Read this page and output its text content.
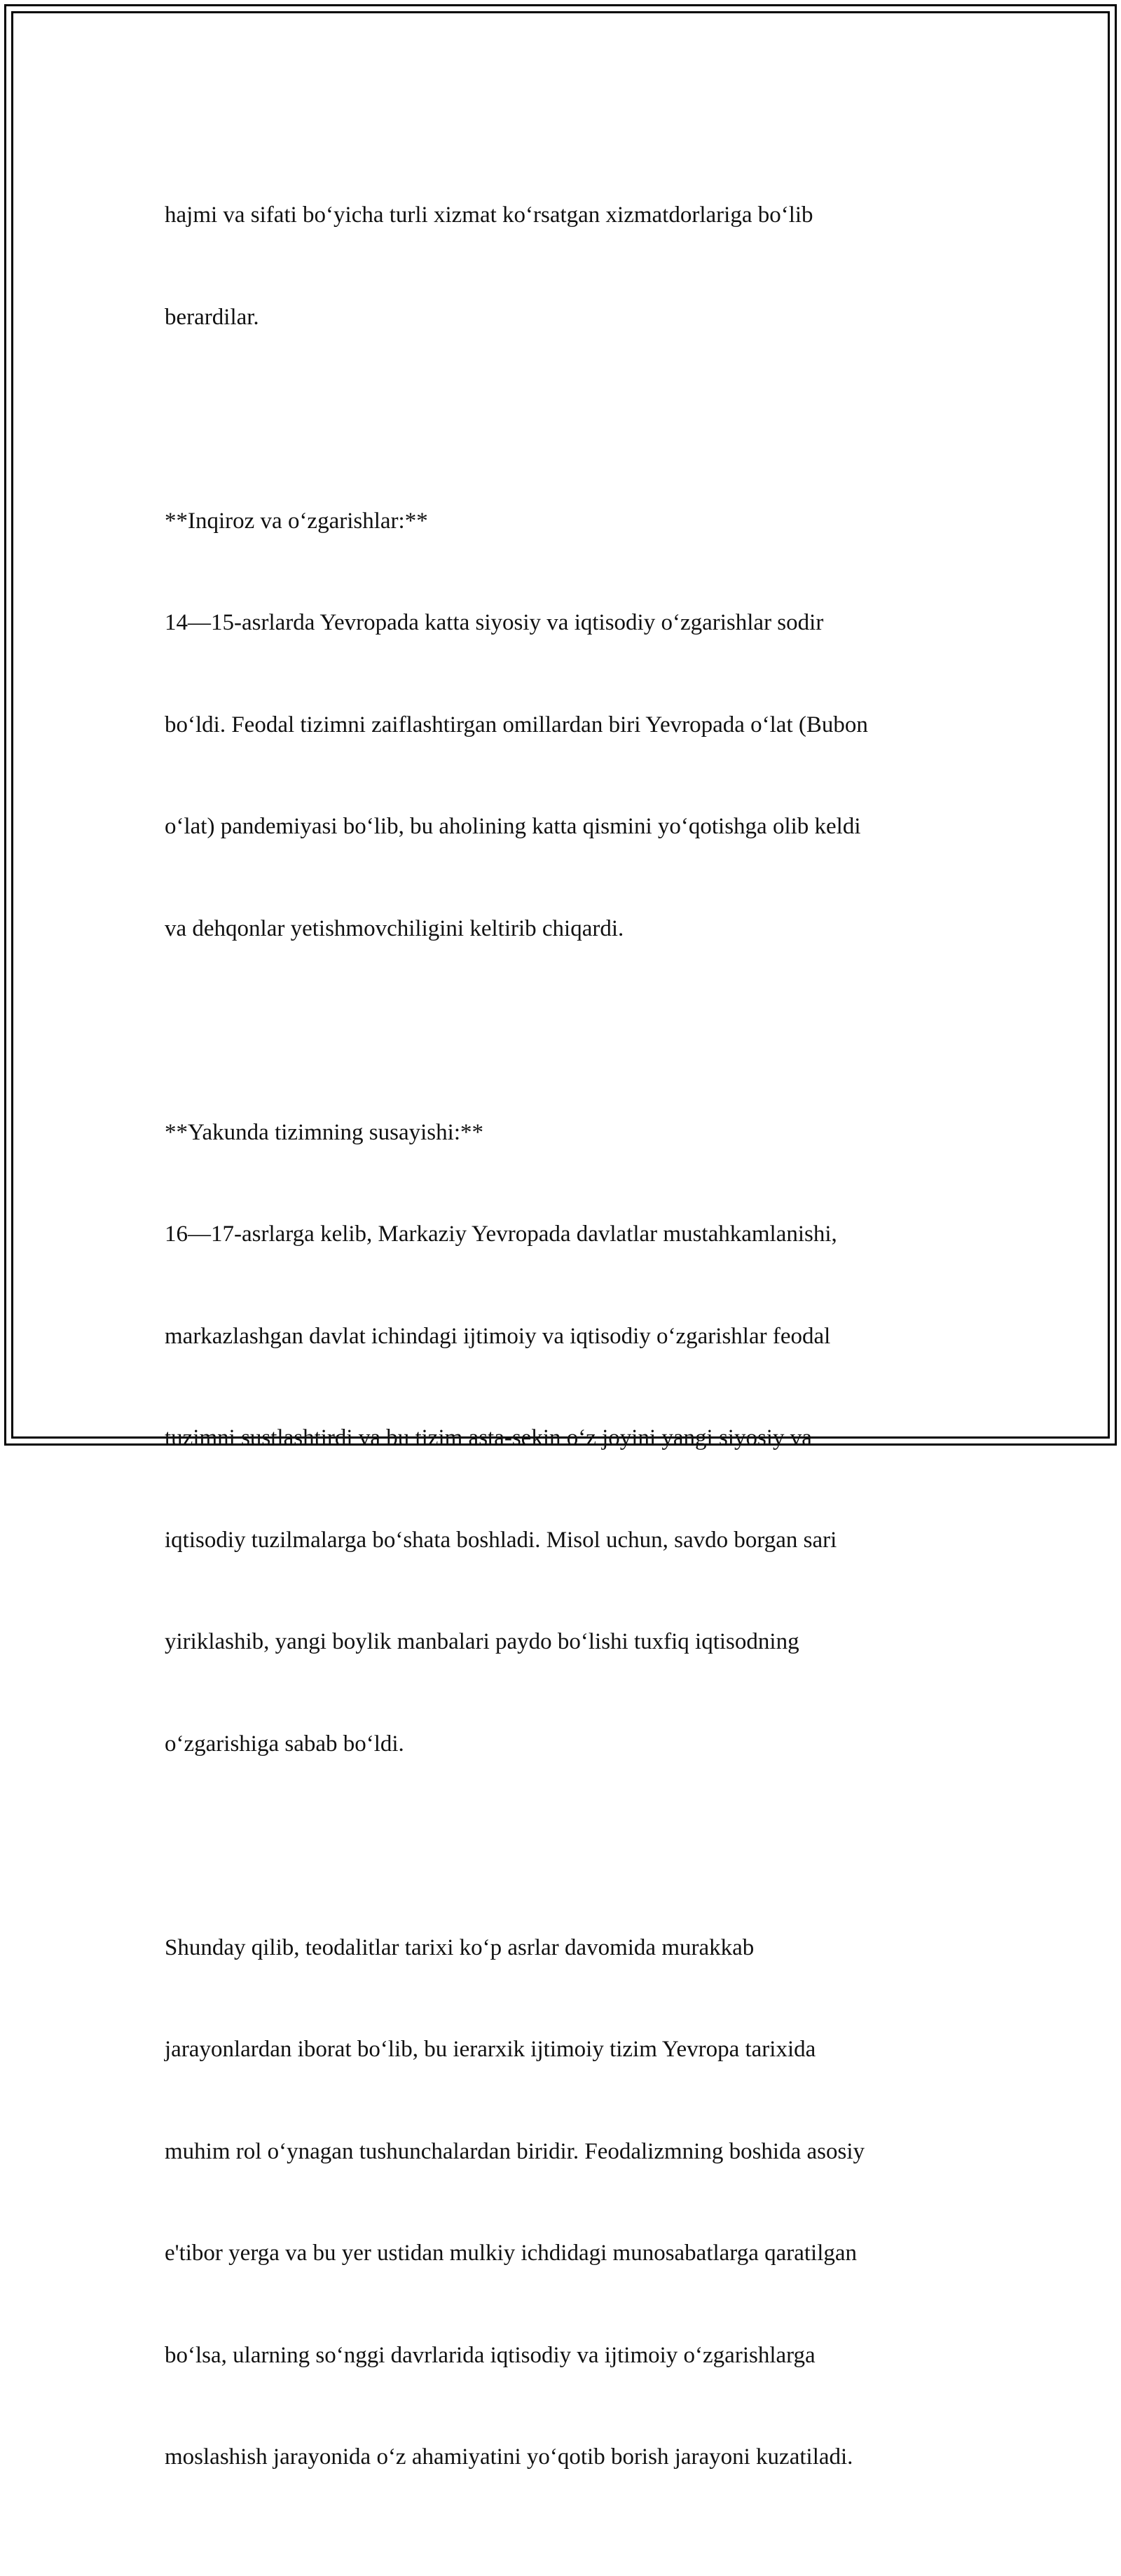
hajmi va sifati bo‘yicha turli xizmat ko‘rsatgan xizmatdorlariga bo‘lib

berardilar.

**Inqiroz va o‘zgarishlar:**

14—15-asrlarda Yevropada katta siyosiy va iqtisodiy o‘zgarishlar sodir

bo‘ldi. Feodal tizimni zaiflashtirgan omillardan biri Yevropada o‘lat (Bubon

o‘lat) pandemiyasi bo‘lib, bu aholining katta qismini yo‘qotishga olib keldi

va dehqonlar yetishmovchiligini keltirib chiqardi.

**Yakunda tizimning susayishi:**

16—17-asrlarga kelib, Markaziy Yevropada davlatlar mustahkamlanishi,

markazlashgan davlat ichindagi ijtimoiy va iqtisodiy o‘zgarishlar feodal

tuzimni sustlashtirdi va bu tizim asta-sekin o‘z joyini yangi siyosiy va

iqtisodiy tuzilmalarga bo‘shata boshladi. Misol uchun, savdo borgan sari

yiriklashib, yangi boylik manbalari paydo bo‘lishi tuxfiq iqtisodning

o‘zgarishiga sabab bo‘ldi.

Shunday qilib, teodalitlar tarixi ko‘p asrlar davomida murakkab

jarayonlardan iborat bo‘lib, bu ierarxik ijtimoiy tizim Yevropa tarixida

muhim rol o‘ynagan tushunchalardan biridir. Feodalizmning boshida asosiy

e'tibor yerga va bu yer ustidan mulkiy ichdidagi munosabatlarga qaratilgan

bo‘lsa, ularning so‘nggi davrlarida iqtisodiy va ijtimoiy o‘zgarishlarga

moslashish jarayonida o‘z ahamiyatini yo‘qotib borish jarayoni kuzatiladi.
